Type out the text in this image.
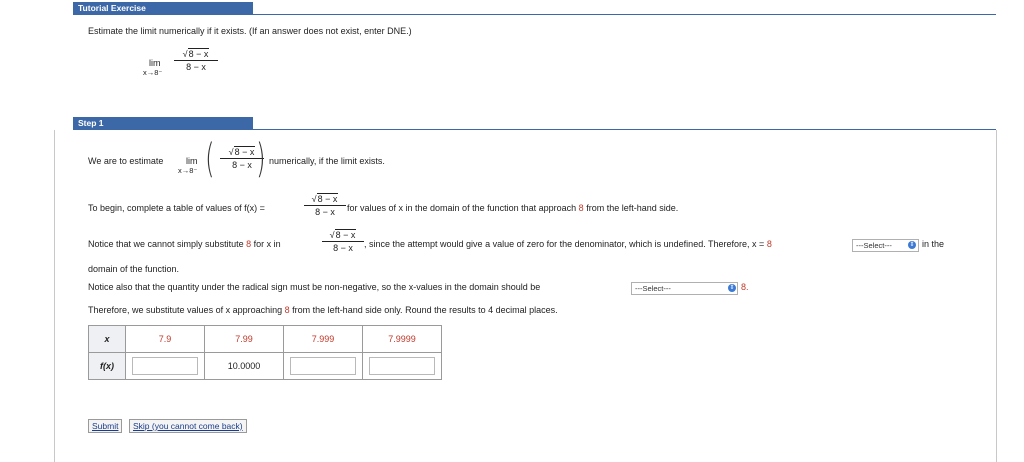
Tutorial Exercise
Estimate the limit numerically if it exists. (If an answer does not exist, enter DNE.)
lim
x→8⁻
√8 − x
8 − x
Step 1
We are to estimate	lim
x→8⁻ (	√8 − x
8 − x ) numerically, if the limit exists.
To begin, complete a table of values of f(x) =
√8 − x
8 − x	for values of x in the domain of the function that approach 8 from the left-hand side.
Notice that we cannot simply substitute 8 for x in
√8 − x
8 − x	, since the attempt would give a value of zero for the denominator, which is undefined. Therefore, x = 8	---Select---	⇕ in the
domain of the function.
Notice also that the quantity under the radical sign must be non-negative, so the x-values in the domain should be	---Select---	⇕ 8.
Therefore, we substitute values of x approaching 8 from the left-hand side only. Round the results to 4 decimal places.
x	7.9	7.99	7.999	7.9999
f(x)		10.0000		
Submit	Skip (you cannot come back)
